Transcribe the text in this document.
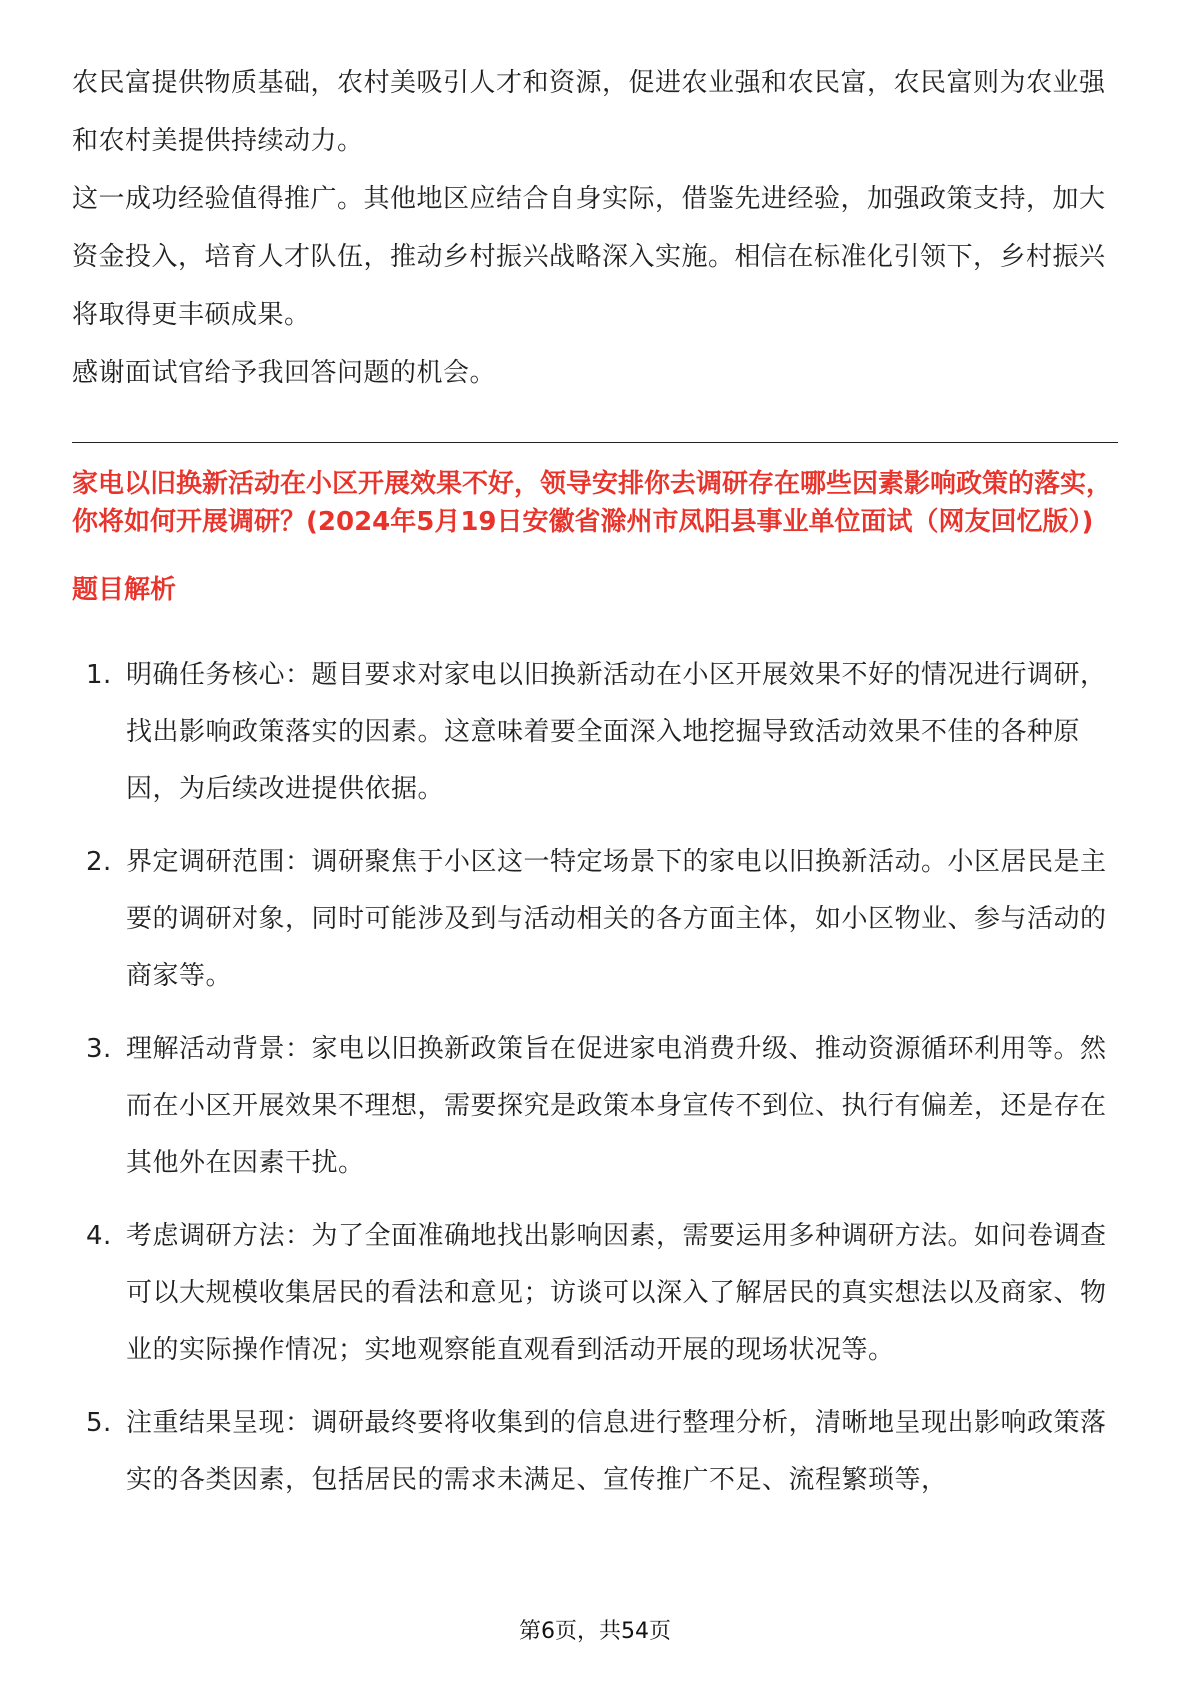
农民富提供物质基础，农村美吸引人才和资源，促进农业强和农民富，农民富则为农业强和农村美提供持续动力。

这一成功经验值得推广。其他地区应结合自身实际，借鉴先进经验，加强政策支持，加大资金投入，培育人才队伍，推动乡村振兴战略深入实施。相信在标准化引领下，乡村振兴将取得更丰硕成果。

感谢面试官给予我回答问题的机会。

家电以旧换新活动在小区开展效果不好，领导安排你去调研存在哪些因素影响政策的落实，你将如何开展调研？(2024年5月19日安徽省滁州市凤阳县事业单位面试（网友回忆版）)
题目解析
1. 明确任务核心：题目要求对家电以旧换新活动在小区开展效果不好的情况进行调研，找出影响政策落实的因素。这意味着要全面深入地挖掘导致活动效果不佳的各种原因，为后续改进提供依据。
2. 界定调研范围：调研聚焦于小区这一特定场景下的家电以旧换新活动。小区居民是主要的调研对象，同时可能涉及到与活动相关的各方面主体，如小区物业、参与活动的商家等。
3. 理解活动背景：家电以旧换新政策旨在促进家电消费升级、推动资源循环利用等。然而在小区开展效果不理想，需要探究是政策本身宣传不到位、执行有偏差，还是存在其他外在因素干扰。
4. 考虑调研方法：为了全面准确地找出影响因素，需要运用多种调研方法。如问卷调查可以大规模收集居民的看法和意见；访谈可以深入了解居民的真实想法以及商家、物业的实际操作情况；实地观察能直观看到活动开展的现场状况等。
5. 注重结果呈现：调研最终要将收集到的信息进行整理分析，清晰地呈现出影响政策落实的各类因素，包括居民的需求未满足、宣传推广不足、流程繁琐等，
第6页，共54页
